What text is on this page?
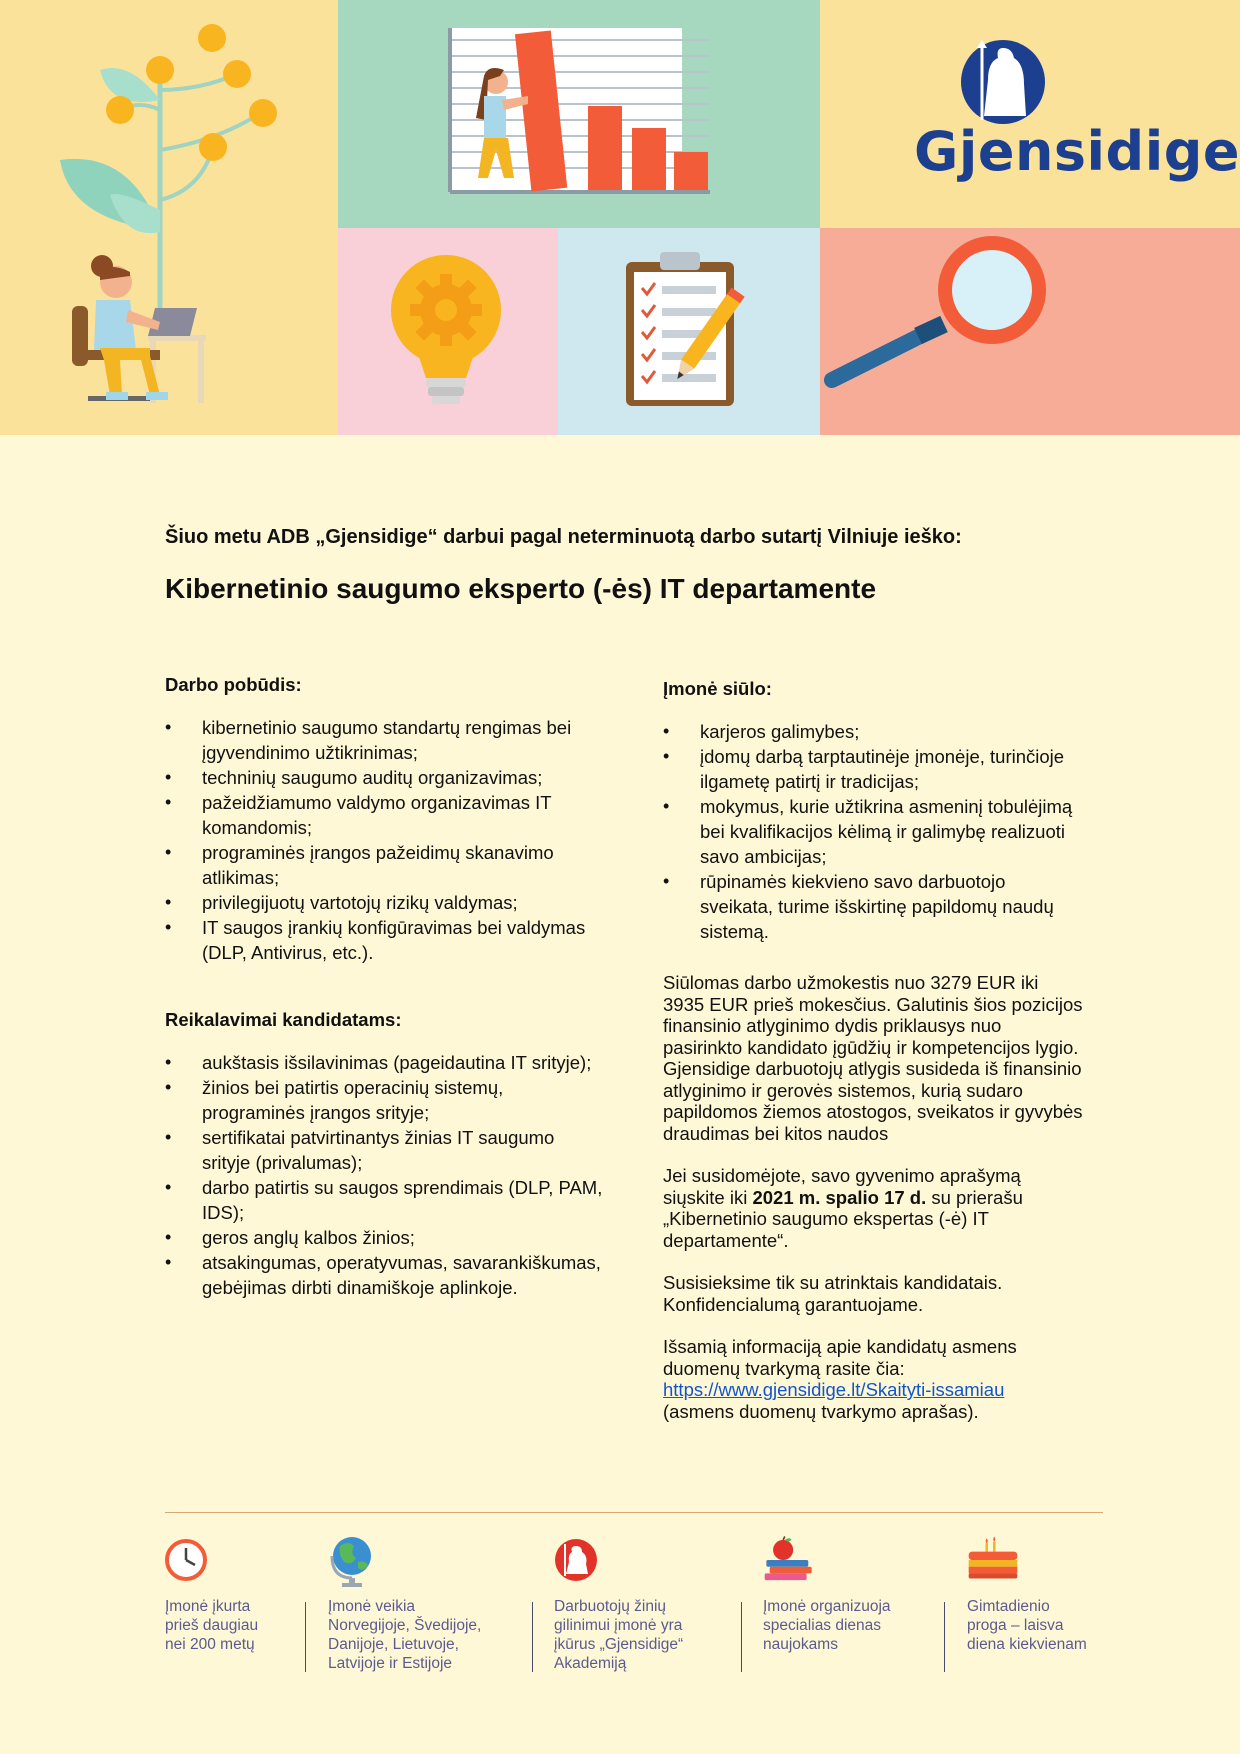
Gjensidige
Šiuo metu ADB „Gjensidige“ darbui pagal neterminuotą darbo sutartį Vilniuje ieško:
Kibernetinio saugumo eksperto (-ės) IT departamente
Darbo pobūdis:
• kibernetinio saugumo standartų rengimas bei įgyvendinimo užtikrinimas;
• techninių saugumo auditų organizavimas;
• pažeidžiamumo valdymo organizavimas IT komandomis;
• programinės įrangos pažeidimų skanavimo atlikimas;
• privilegijuotų vartotojų rizikų valdymas;
• IT saugos įrankių konfigūravimas bei valdymas (DLP, Antivirus, etc.).
Reikalavimai kandidatams:
• aukštasis išsilavinimas (pageidautina IT srityje);
• žinios bei patirtis operacinių sistemų, programinės įrangos srityje;
• sertifikatai patvirtinantys žinias IT saugumo srityje (privalumas);
• darbo patirtis su saugos sprendimais (DLP, PAM, IDS);
• geros anglų kalbos žinios;
• atsakingumas, operatyvumas, savarankiškumas, gebėjimas dirbti dinamiškoje aplinkoje.
Įmonė siūlo:
• karjeros galimybes;
• įdomų darbą tarptautinėje įmonėje, turinčioje ilgametę patirtį ir tradicijas;
• mokymus, kurie užtikrina asmeninį tobulėjimą bei kvalifikacijos kėlimą ir galimybę realizuoti savo ambicijas;
• rūpinamės kiekvieno savo darbuotojo sveikata, turime išskirtinę papildomų naudų sistemą.

Siūlomas darbo užmokestis nuo 3279 EUR iki 3935 EUR prieš mokesčius. Galutinis šios pozicijos finansinio atlyginimo dydis priklausys nuo pasirinkto kandidato įgūdžių ir kompetencijos lygio. Gjensidige darbuotojų atlygis susideda iš finansinio atlyginimo ir gerovės sistemos, kurią sudaro papildomos žiemos atostogos, sveikatos ir gyvybės draudimas bei kitos naudos

Jei susidomėjote, savo gyvenimo aprašymą siųskite iki 2021 m. spalio 17 d. su prierašu „Kibernetinio saugumo ekspertas (-ė) IT departamente“.

Susisieksime tik su atrinktais kandidatais. Konfidencialumą garantuojame.

Išsamią informaciją apie kandidatų asmens duomenų tvarkymą rasite čia:
https://www.gjensidige.lt/Skaityti-issamiau
(asmens duomenų tvarkymo aprašas).

Įmonė įkurta
prieš daugiau
nei 200 metų
Įmonė veikia
Norvegijoje, Švedijoje,
Danijoje, Lietuvoje,
Latvijoje ir Estijoje
Darbuotojų žinių
gilinimui įmonė yra
įkūrus „Gjensidige“
Akademiją
Įmonė organizuoja
specialias dienas
naujokams
Gimtadienio
proga – laisva
diena kiekvienam
